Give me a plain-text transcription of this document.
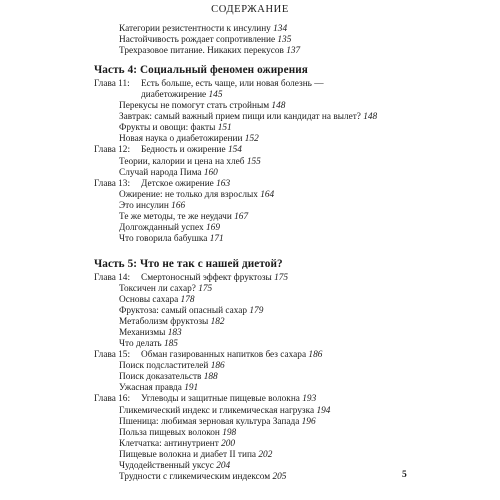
СОДЕРЖАНИЕ
Категории резистентности к инсулину 134
Настойчивость рождает сопротивление 135
Трехразовое питание. Никаких перекусов 137
Часть 4: Социальный феномен ожирения
Глава 11: Есть больше, есть чаще, или новая болезнь —
диабетожирение 145
Перекусы не помогут стать стройным 148
Завтрак: самый важный прием пищи или кандидат на вылет? 148
Фрукты и овощи: факты 151
Новая наука о диабетожирении 152
Глава 12: Бедность и ожирение 154
Теории, калории и цена на хлеб 155
Случай народа Пима 160
Глава 13: Детское ожирение 163
Ожирение: не только для взрослых 164
Это инсулин 166
Те же методы, те же неудачи 167
Долгожданный успех 169
Что говорила бабушка 171
Часть 5: Что не так с нашей диетой?
Глава 14: Смертоносный эффект фруктозы 175
Токсичен ли сахар? 175
Основы сахара 178
Фруктоза: самый опасный сахар 179
Метаболизм фруктозы 182
Механизмы 183
Что делать 185
Глава 15: Обман газированных напитков без сахара 186
Поиск подсластителей 186
Поиск доказательств 188
Ужасная правда 191
Глава 16: Углеводы и защитные пищевые волокна 193
Гликемический индекс и гликемическая нагрузка 194
Пшеница: любимая зерновая культура Запада 196
Польза пищевых волокон 198
Клетчатка: антинутриент 200
Пищевые волокна и диабет II типа 202
Чудодейственный уксус 204
Трудности с гликемическим индексом 205	5
